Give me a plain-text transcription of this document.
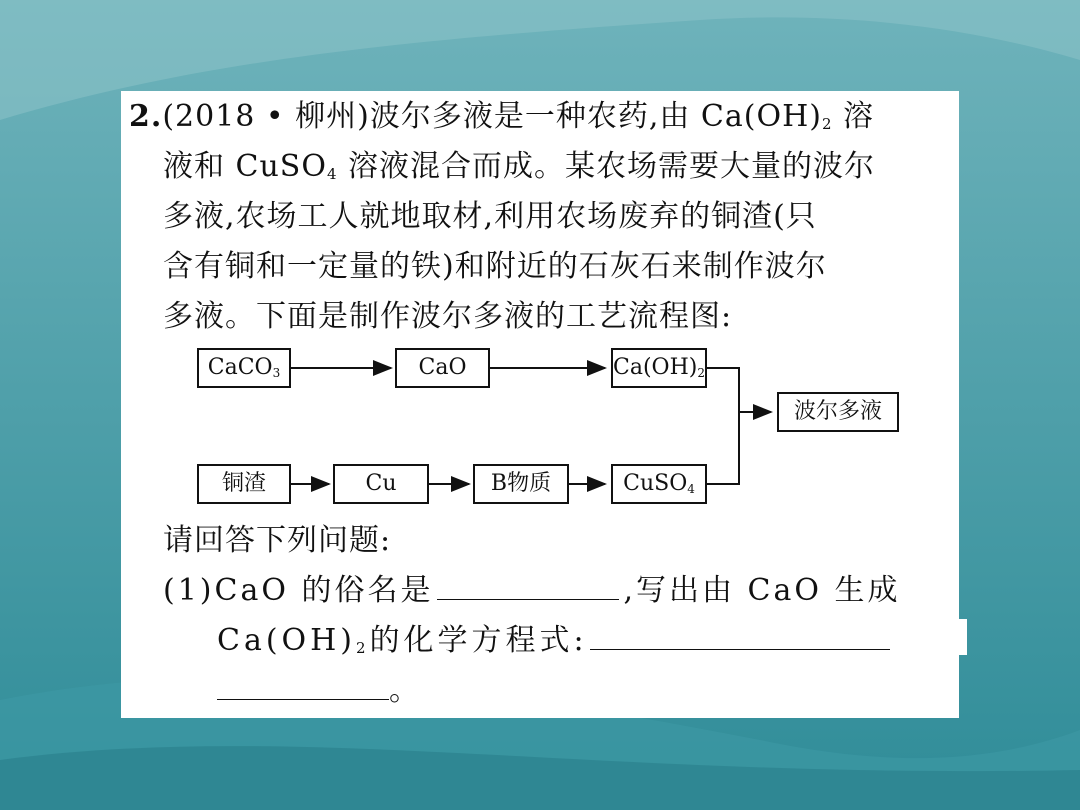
2.(2018 • 柳州)波尔多液是一种农药,由 $Ca(OH)_2$ 溶
液和 CuSO$_4$ 溶液混合而成。某农场需要大量的波尔
多液,农场工人就地取材,利用农场废弃的铜渣(只
含有铜和一定量的铁)和附近的石灰石来制作波尔
多液。下面是制作波尔多液的工艺流程图:
CaCO$_3$	CaO	$Ca(OH)_2$
波尔多液
铜渣	Cu	B物质	CuSO$_4$
请回答下列问题:
(1)CaO 的俗名是	,写出由 CaO 生成
$Ca(OH)_2$的化学方程式:
。
